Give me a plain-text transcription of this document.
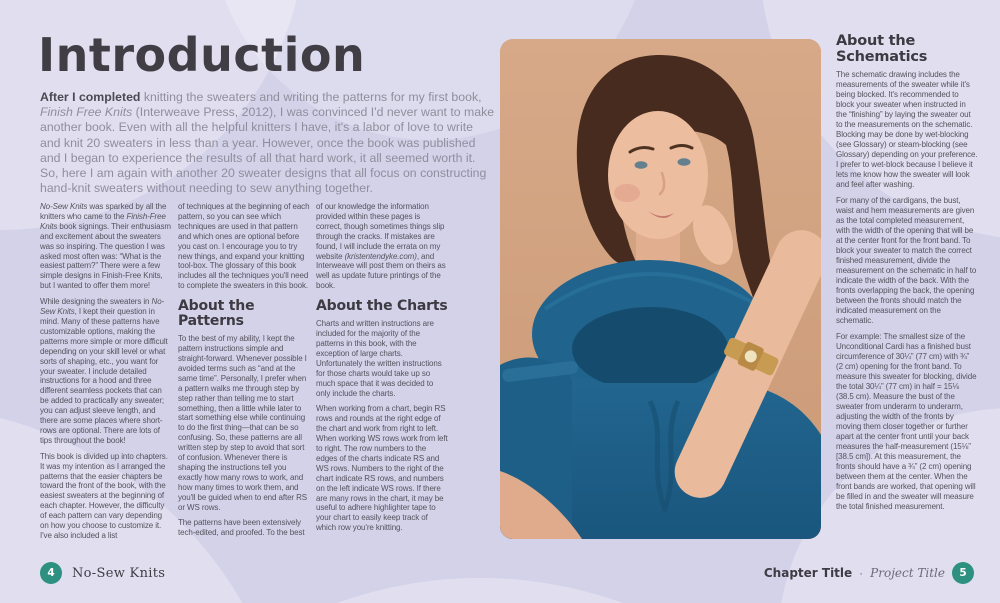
Introduction
After I completed knitting the sweaters and writing the patterns for my first book, Finish Free Knits (Interweave Press, 2012), I was convinced I'd never want to make another book. Even with all the helpful knitters I have, it's a labor of love to write and knit 20 sweaters in less than a year. However, once the book was published and I began to experience the results of all that hard work, it all seemed worth it. So, here I am again with another 20 sweater designs that all focus on constructing hand-knit sweaters without needing to sew anything together.

No-Sew Knits was sparked by all the knitters who came to the Finish-Free Knits book signings. Their enthusiasm and excitement about the sweaters was so inspiring. The question I was asked most often was: “What is the easiest pattern?” There were a few simple designs in Finish-Free Knits, but I wanted to offer them more!

While designing the sweaters in No-Sew Knits, I kept their question in mind. Many of these patterns have customizable options, making the patterns more simple or more difficult depending on your skill level or what sorts of shaping, etc., you want for your sweater. I include detailed instructions for a hood and three different seamless pockets that can be added to practically any sweater; you can adjust sleeve length, and there are some places where short-rows are optional. There are lots of tips throughout the book!

This book is divided up into chapters. It was my intention as I arranged the patterns that the easier chapters be toward the front of the book, with the easiest sweaters at the beginning of each chapter. However, the difficulty of each pattern can vary depending on how you choose to customize it. I've also included a list

of techniques at the beginning of each pattern, so you can see which techniques are used in that pattern and which ones are optional before you cast on. I encourage you to try new things, and expand your knitting tool-box. The glossary of this book includes all the techniques you'll need to complete the sweaters in this book.

About the Patterns

To the best of my ability, I kept the pattern instructions simple and straight-forward. Whenever possible I avoided terms such as “and at the same time”. Personally, I prefer when a pattern walks me through step by step rather than telling me to start something, then a little while later to start something else while continuing to do the first thing—that can be so confusing. So, these patterns are all written step by step to avoid that sort of confusion. Whenever there is shaping the instructions tell you exactly how many rows to work, and how many times to work them, and you'll be guided when to end after RS or WS rows.

The patterns have been extensively tech-edited, and proofed. To the best

of our knowledge the information provided within these pages is correct, though sometimes things slip through the cracks. If mistakes are found, I will include the errata on my website (kristentendyke.com), and Interweave will post them on theirs as well as update future printings of the book.

About the Charts

Charts and written instructions are included for the majority of the patterns in this book, with the exception of large charts. Unfortunately the written instructions for those charts would take up so much space that it was decided to only include the charts.

When working from a chart, begin RS rows and rounds at the right edge of the chart and work from right to left. When working WS rows work from left to right. The row numbers to the edges of the charts indicate RS and WS rows. Numbers to the right of the chart indicate RS rows, and numbers on the left indicate WS rows. If there are many rows in the chart, it may be useful to adhere highlighter tape to your chart to easily keep track of which row you're knitting.

About the Schematics

The schematic drawing includes the measurements of the sweater while it's being blocked. It's recommended to block your sweater when instructed in the “finishing” by laying the sweater out to the measurements on the schematic. Blocking may be done by wet-blocking (see Glossary) or steam-blocking (see Glossary) depending on your preference. I prefer to wet-block because I believe it lets me know how the sweater will look and feel after washing.

For many of the cardigans, the bust, waist and hem measurements are given as the total completed measurement, with the width of the opening that will be at the center front for the front band. To block your sweater to match the correct finished measurement, divide the measurement on the schematic in half to indicate the width of the back. With the fronts overlapping the back, the opening between the fronts should match the indicated measurement on the schematic.

For example: The smallest size of the Unconditional Cardi has a finished bust circumference of 30¼” (77 cm) with ¾” (2 cm) opening for the front band. To measure this sweater for blocking, divide the total 30¼” (77 cm) in half = 15⅛ (38.5 cm). Measure the bust of the sweater from underarm to underarm, adjusting the width of the fronts by moving them closer together or further apart at the center front until your back measures the half-measurement (15⅛” [38.5 cm]). At this measurement, the fronts should have a ¾” (2 cm) opening between them at the center. When the front bands are worked, that opening will be filled in and the sweater will measure the total finished measurement.

4	No-Sew Knits	Chapter Title · Project Title	5
